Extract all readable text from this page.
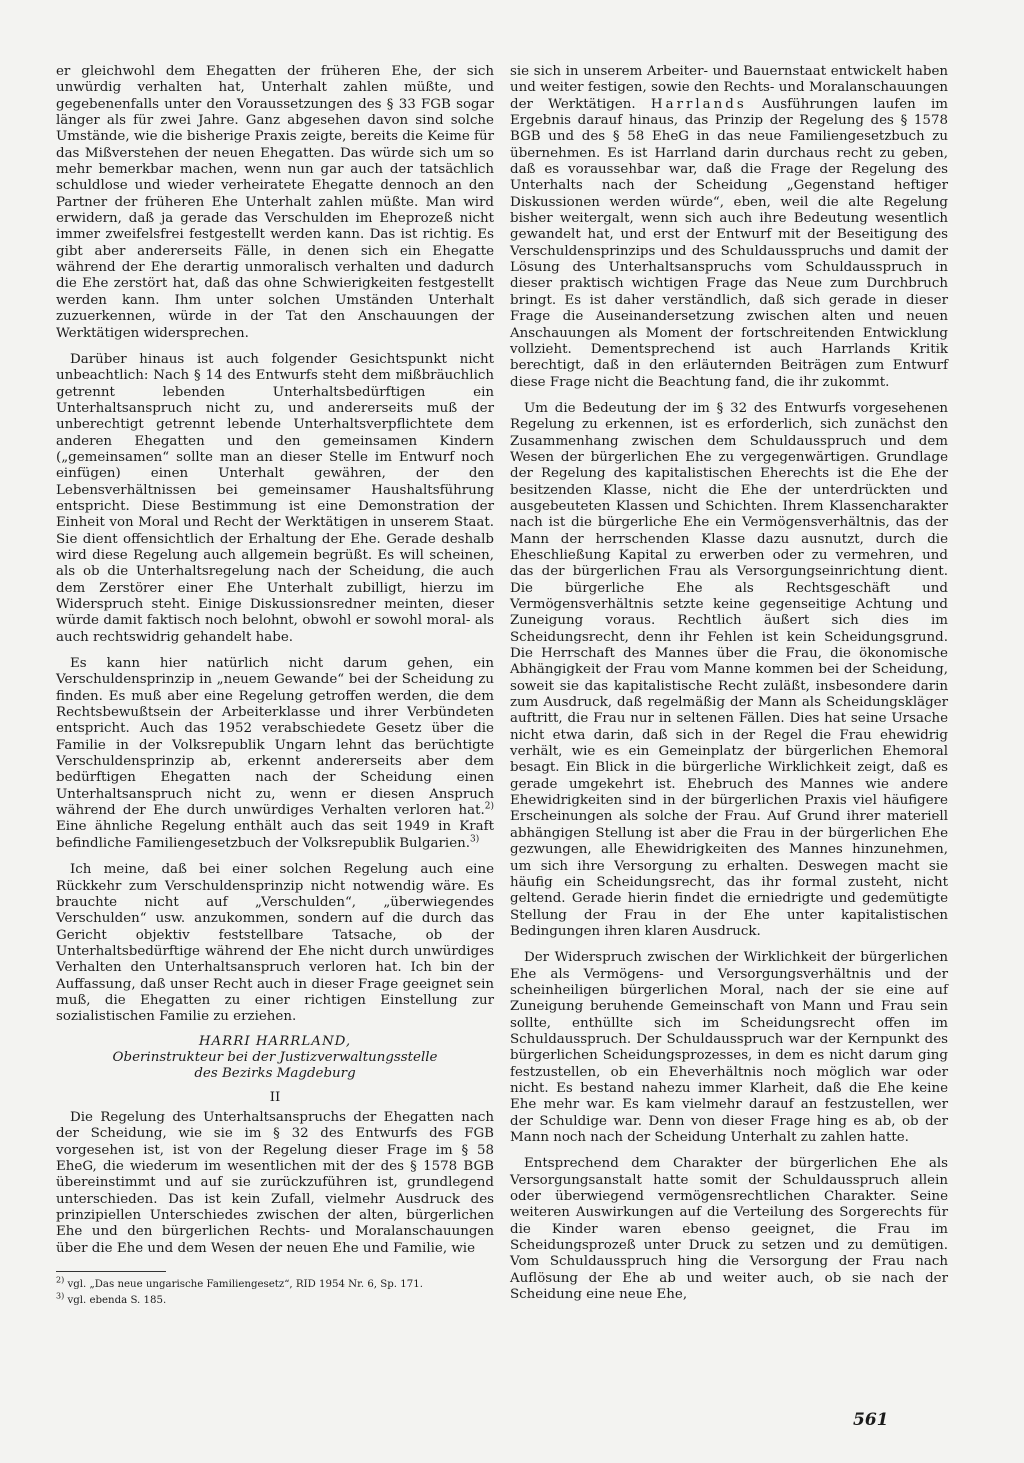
er gleichwohl dem Ehegatten der früheren Ehe, der sich unwürdig verhalten hat, Unterhalt zahlen müßte, und gegebenenfalls unter den Voraussetzungen des § 33 FGB sogar länger als für zwei Jahre. Ganz abgesehen davon sind solche Umstände, wie die bisherige Praxis zeigte, bereits die Keime für das Mißverstehen der neuen Ehegatten. Das würde sich um so mehr bemerkbar machen, wenn nun gar auch der tatsächlich schuldlose und wieder verheiratete Ehegatte dennoch an den Partner der früheren Ehe Unterhalt zahlen müßte. Man wird erwidern, daß ja gerade das Verschulden im Eheprozeß nicht immer zweifelsfrei festgestellt werden kann. Das ist richtig. Es gibt aber andererseits Fälle, in denen sich ein Ehegatte während der Ehe derartig unmoralisch verhalten und dadurch die Ehe zerstört hat, daß das ohne Schwierigkeiten festgestellt werden kann. Ihm unter solchen Umständen Unterhalt zuzuerkennen, würde in der Tat den Anschauungen der Werktätigen widersprechen.

Darüber hinaus ist auch folgender Gesichtspunkt nicht unbeachtlich: Nach § 14 des Entwurfs steht dem mißbräuchlich getrennt lebenden Unterhaltsbedürftigen ein Unterhaltsanspruch nicht zu, und andererseits muß der unberechtigt getrennt lebende Unterhaltsverpflichtete dem anderen Ehegatten und den gemeinsamen Kindern („gemeinsamen“ sollte man an dieser Stelle im Entwurf noch einfügen) einen Unterhalt gewähren, der den Lebensverhältnissen bei gemeinsamer Haushaltsführung entspricht. Diese Bestimmung ist eine Demonstration der Einheit von Moral und Recht der Werktätigen in unserem Staat. Sie dient offensichtlich der Erhaltung der Ehe. Gerade deshalb wird diese Regelung auch allgemein begrüßt. Es will scheinen, als ob die Unterhaltsregelung nach der Scheidung, die auch dem Zerstörer einer Ehe Unterhalt zubilligt, hierzu im Widerspruch steht. Einige Diskussionsredner meinten, dieser würde damit faktisch noch belohnt, obwohl er sowohl moral- als auch rechtswidrig gehandelt habe.

Es kann hier natürlich nicht darum gehen, ein Verschuldensprinzip in „neuem Gewande“ bei der Scheidung zu finden. Es muß aber eine Regelung getroffen werden, die dem Rechtsbewußtsein der Arbeiterklasse und ihrer Verbündeten entspricht. Auch das 1952 verabschiedete Gesetz über die Familie in der Volksrepublik Ungarn lehnt das berüchtigte Verschuldensprinzip ab, erkennt andererseits aber dem bedürftigen Ehegatten nach der Scheidung einen Unterhaltsanspruch nicht zu, wenn er diesen Anspruch während der Ehe durch unwürdiges Verhalten verloren hat.$^{2)}$ Eine ähnliche Regelung enthält auch das seit 1949 in Kraft befindliche Familiengesetzbuch der Volksrepublik Bulgarien.$^{3)}$

Ich meine, daß bei einer solchen Regelung auch eine Rückkehr zum Verschuldensprinzip nicht notwendig wäre. Es brauchte nicht auf „Verschulden“, „überwiegendes Verschulden“ usw. anzukommen, sondern auf die durch das Gericht objektiv feststellbare Tatsache, ob der Unterhaltsbedürftige während der Ehe nicht durch unwürdiges Verhalten den Unterhaltsanspruch verloren hat. Ich bin der Auffassung, daß unser Recht auch in dieser Frage geeignet sein muß, die Ehegatten zu einer richtigen Einstellung zur sozialistischen Familie zu erziehen.

HARRI HARRLAND,
Oberinstrukteur bei der Justizverwaltungsstelle
des Bezirks Magdeburg
II

Die Regelung des Unterhaltsanspruchs der Ehegatten nach der Scheidung, wie sie im § 32 des Entwurfs des FGB vorgesehen ist, ist von der Regelung dieser Frage im § 58 EheG, die wiederum im wesentlichen mit der des § 1578 BGB übereinstimmt und auf sie zurückzuführen ist, grundlegend unterschieden. Das ist kein Zufall, vielmehr Ausdruck des prinzipiellen Unterschiedes zwischen der alten, bürgerlichen Ehe und den bürgerlichen Rechts- und Moralanschauungen über die Ehe und dem Wesen der neuen Ehe und Familie, wie

$^{2)}$ vgl. „Das neue ungarische Familiengesetz“, RID 1954 Nr. 6, Sp. 171.

$^{3)}$ vgl. ebenda S. 185.

sie sich in unserem Arbeiter- und Bauernstaat entwickelt haben und weiter festigen, sowie den Rechts- und Moralanschauungen der Werktätigen. Harrlands Ausführungen laufen im Ergebnis darauf hinaus, das Prinzip der Regelung des § 1578 BGB und des § 58 EheG in das neue Familiengesetzbuch zu übernehmen. Es ist Harrland darin durchaus recht zu geben, daß es voraussehbar war, daß die Frage der Regelung des Unterhalts nach der Scheidung „Gegenstand heftiger Diskussionen werden würde“, eben, weil die alte Regelung bisher weitergalt, wenn sich auch ihre Bedeutung wesentlich gewandelt hat, und erst der Entwurf mit der Beseitigung des Verschuldensprinzips und des Schuldausspruchs und damit der Lösung des Unterhaltsanspruchs vom Schuldausspruch in dieser praktisch wichtigen Frage das Neue zum Durchbruch bringt. Es ist daher verständlich, daß sich gerade in dieser Frage die Auseinandersetzung zwischen alten und neuen Anschauungen als Moment der fortschreitenden Entwicklung vollzieht. Dementsprechend ist auch Harrlands Kritik berechtigt, daß in den erläuternden Beiträgen zum Entwurf diese Frage nicht die Beachtung fand, die ihr zukommt.

Um die Bedeutung der im § 32 des Entwurfs vorgesehenen Regelung zu erkennen, ist es erforderlich, sich zunächst den Zusammenhang zwischen dem Schuldausspruch und dem Wesen der bürgerlichen Ehe zu vergegenwärtigen. Grundlage der Regelung des kapitalistischen Eherechts ist die Ehe der besitzenden Klasse, nicht die Ehe der unterdrückten und ausgebeuteten Klassen und Schichten. Ihrem Klassencharakter nach ist die bürgerliche Ehe ein Vermögensverhältnis, das der Mann der herrschenden Klasse dazu ausnutzt, durch die Eheschließung Kapital zu erwerben oder zu vermehren, und das der bürgerlichen Frau als Versorgungseinrichtung dient. Die bürgerliche Ehe als Rechtsgeschäft und Vermögensverhältnis setzte keine gegenseitige Achtung und Zuneigung voraus. Rechtlich äußert sich dies im Scheidungsrecht, denn ihr Fehlen ist kein Scheidungsgrund. Die Herrschaft des Mannes über die Frau, die ökonomische Abhängigkeit der Frau vom Manne kommen bei der Scheidung, soweit sie das kapitalistische Recht zuläßt, insbesondere darin zum Ausdruck, daß regelmäßig der Mann als Scheidungskläger auftritt, die Frau nur in seltenen Fällen. Dies hat seine Ursache nicht etwa darin, daß sich in der Regel die Frau ehewidrig verhält, wie es ein Gemeinplatz der bürgerlichen Ehemoral besagt. Ein Blick in die bürgerliche Wirklichkeit zeigt, daß es gerade umgekehrt ist. Ehebruch des Mannes wie andere Ehewidrigkeiten sind in der bürgerlichen Praxis viel häufigere Erscheinungen als solche der Frau. Auf Grund ihrer materiell abhängigen Stellung ist aber die Frau in der bürgerlichen Ehe gezwungen, alle Ehewidrigkeiten des Mannes hinzunehmen, um sich ihre Versorgung zu erhalten. Deswegen macht sie häufig ein Scheidungsrecht, das ihr formal zusteht, nicht geltend. Gerade hierin findet die erniedrigte und gedemütigte Stellung der Frau in der Ehe unter kapitalistischen Bedingungen ihren klaren Ausdruck.

Der Widerspruch zwischen der Wirklichkeit der bürgerlichen Ehe als Vermögens- und Versorgungsverhältnis und der scheinheiligen bürgerlichen Moral, nach der sie eine auf Zuneigung beruhende Gemeinschaft von Mann und Frau sein sollte, enthüllte sich im Scheidungsrecht offen im Schuldausspruch. Der Schuldausspruch war der Kernpunkt des bürgerlichen Scheidungsprozesses, in dem es nicht darum ging festzustellen, ob ein Eheverhältnis noch möglich war oder nicht. Es bestand nahezu immer Klarheit, daß die Ehe keine Ehe mehr war. Es kam vielmehr darauf an festzustellen, wer der Schuldige war. Denn von dieser Frage hing es ab, ob der Mann noch nach der Scheidung Unterhalt zu zahlen hatte.

Entsprechend dem Charakter der bürgerlichen Ehe als Versorgungsanstalt hatte somit der Schuldausspruch allein oder überwiegend vermögensrechtlichen Charakter. Seine weiteren Auswirkungen auf die Verteilung des Sorgerechts für die Kinder waren ebenso geeignet, die Frau im Scheidungsprozeß unter Druck zu setzen und zu demütigen. Vom Schuldausspruch hing die Versorgung der Frau nach Auflösung der Ehe ab und weiter auch, ob sie nach der Scheidung eine neue Ehe,

561
